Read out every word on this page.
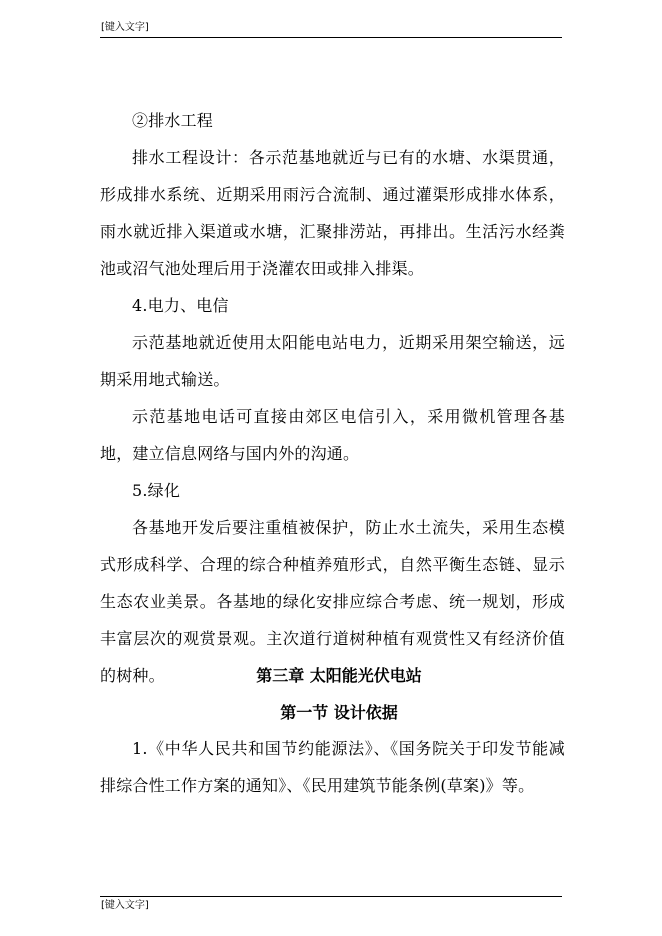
[键入文字]

②排水工程

排水工程设计：各示范基地就近与已有的水塘、水渠贯通，形成排水系统、近期采用雨污合流制、通过灌渠形成排水体系，雨水就近排入渠道或水塘，汇聚排涝站，再排出。生活污水经粪池或沼气池处理后用于浇灌农田或排入排渠。

4.电力、电信

示范基地就近使用太阳能电站电力，近期采用架空输送，远期采用地式输送。

示范基地电话可直接由郊区电信引入，采用微机管理各基地，建立信息网络与国内外的沟通。

5.绿化

各基地开发后要注重植被保护，防止水土流失，采用生态模式形成科学、合理的综合种植养殖形式，自然平衡生态链、显示生态农业美景。各基地的绿化安排应综合考虑、统一规划，形成丰富层次的观赏景观。主次道行道树种植有观赏性又有经济价值的树种。	第三章 太阳能光伏电站
第一节 设计依据

1.《中华人民共和国节约能源法》、《国务院关于印发节能减排综合性工作方案的通知》、《民用建筑节能条例(草案)》等。

[键入文字]
